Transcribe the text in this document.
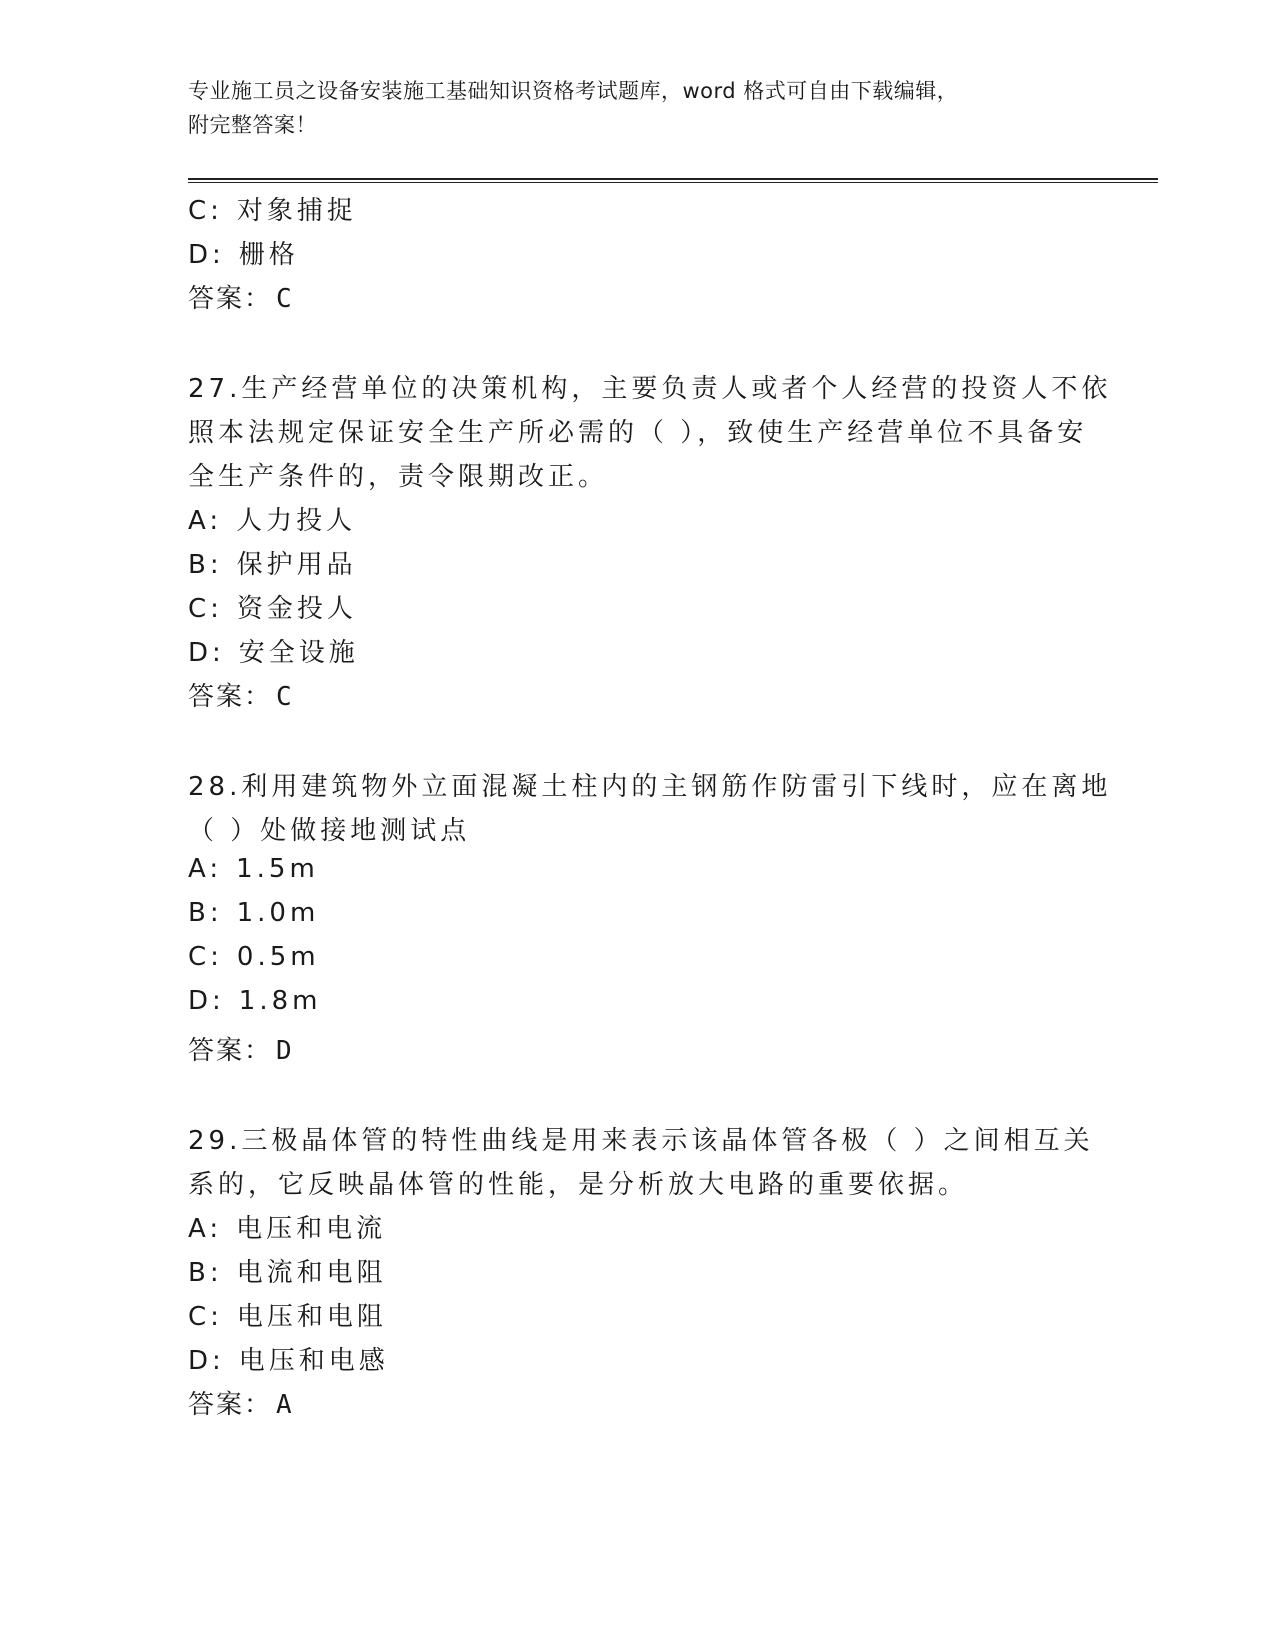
专业施工员之设备安装施工基础知识资格考试题库，word 格式可自由下载编辑，
附完整答案！
C: 对象捕捉
D: 栅格
答案： C
27.生产经营单位的决策机构，主要负责人或者个人经营的投资人不依
照本法规定保证安全生产所必需的（ ），致使生产经营单位不具备安
全生产条件的，责令限期改正。
A: 人力投人
B: 保护用品
C: 资金投人
D: 安全设施
答案： C
28.利用建筑物外立面混凝土柱内的主钢筋作防雷引下线时，应在离地
（ ）处做接地测试点
A: 1.5m
B: 1.0m
C: 0.5m
D: 1.8m
答案： D
29.三极晶体管的特性曲线是用来表示该晶体管各极（ ）之间相互关
系的，它反映晶体管的性能，是分析放大电路的重要依据。
A: 电压和电流
B: 电流和电阻
C: 电压和电阻
D: 电压和电感
答案： A
